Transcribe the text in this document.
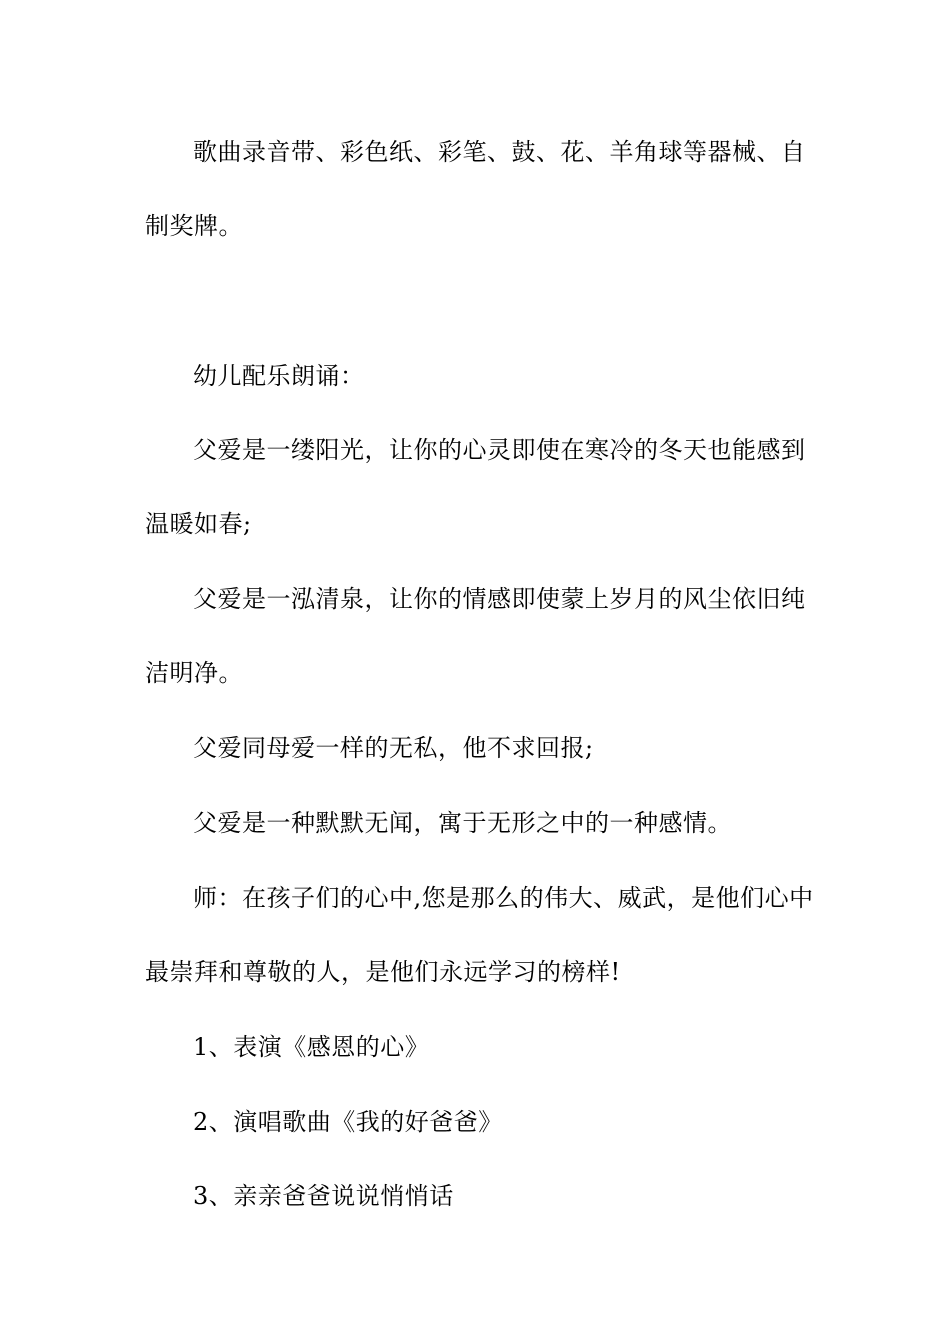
歌曲录音带、彩色纸、彩笔、鼓、花、羊角球等器械、自
制奖牌。
幼儿配乐朗诵：
父爱是一缕阳光，让你的心灵即使在寒冷的冬天也能感到
温暖如春;
父爱是一泓清泉，让你的情感即使蒙上岁月的风尘依旧纯
洁明净。
父爱同母爱一样的无私，他不求回报;
父爱是一种默默无闻，寓于无形之中的一种感情。
师：在孩子们的心中,您是那么的伟大、威武，是他们心中
最崇拜和尊敬的人，是他们永远学习的榜样!
1、表演《感恩的心》
2、演唱歌曲《我的好爸爸》
3、亲亲爸爸说说悄悄话
